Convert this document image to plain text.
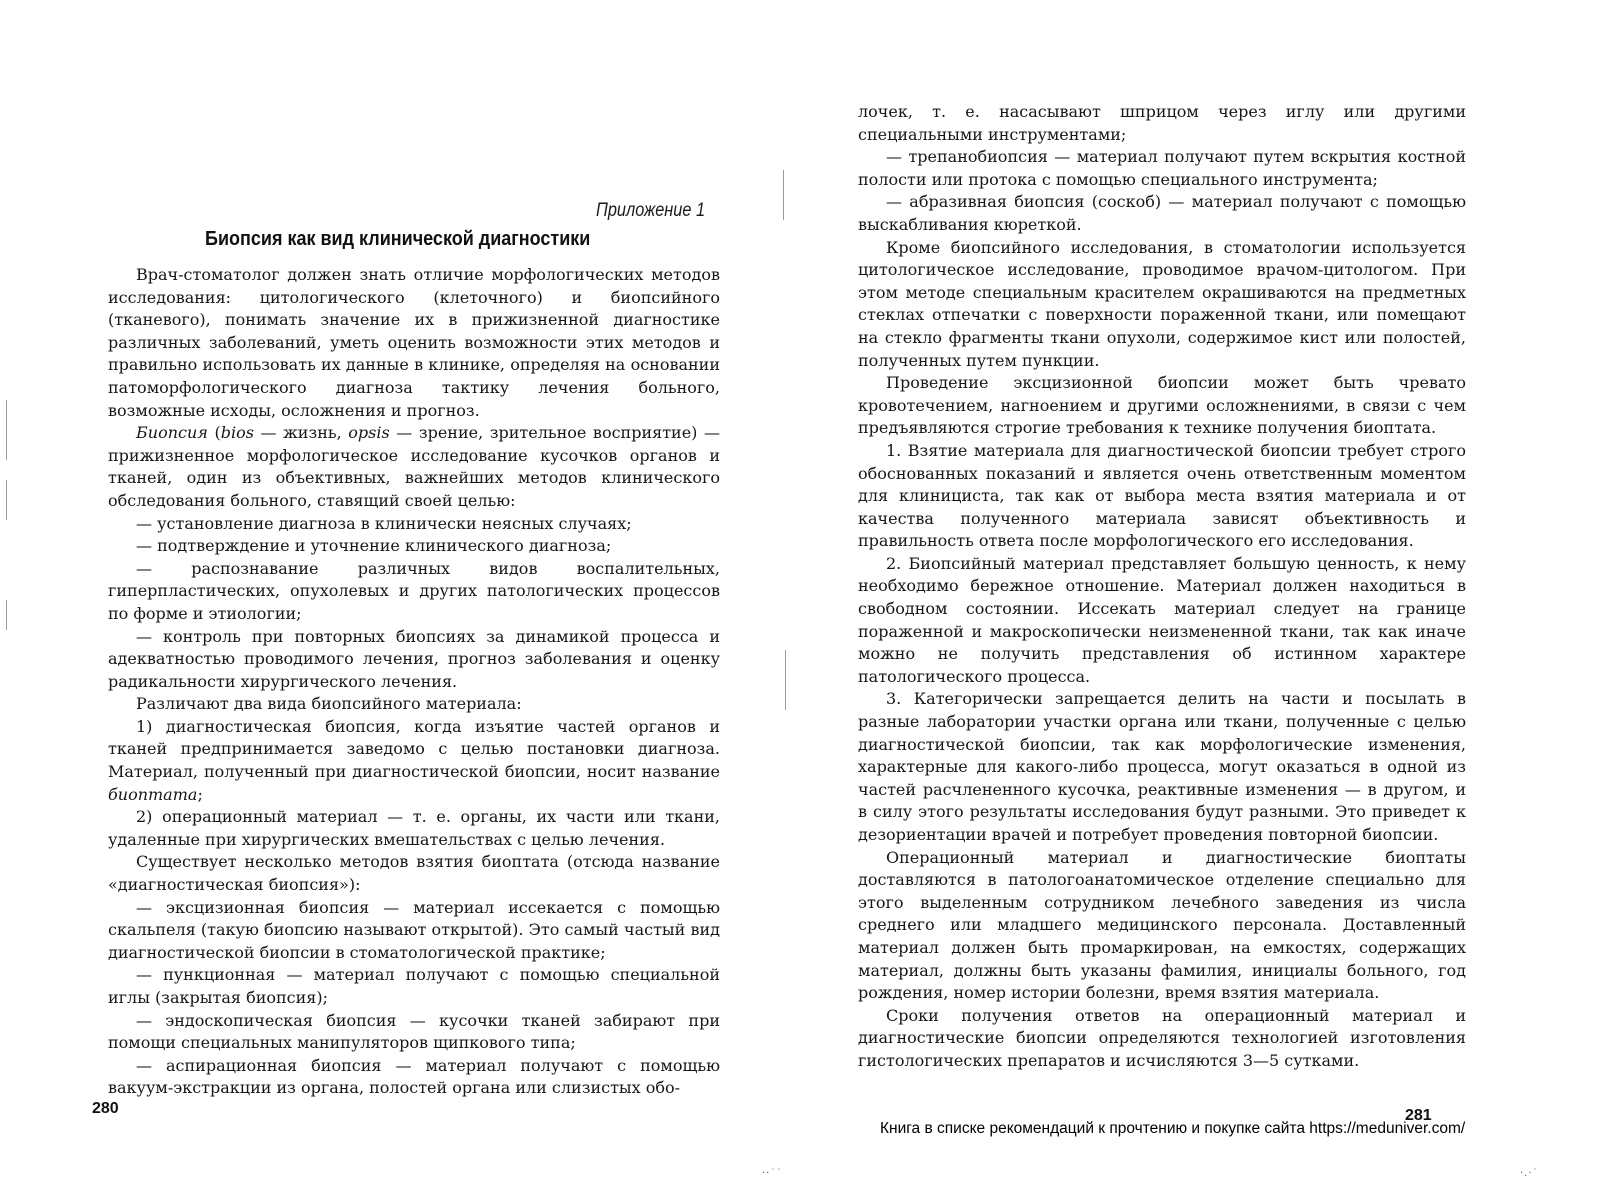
Приложение 1
Биопсия как вид клинической диагностики

Врач-стоматолог должен знать отличие морфологических методов исследования: цитологического (клеточного) и биопсийного (тканевого), понимать значение их в прижизненной диагностике различных заболеваний, уметь оценить возможности этих методов и правильно использовать их данные в клинике, определяя на основании патоморфологического диагноза тактику лечения больного, возможные исходы, осложнения и прогноз.

Биопсия (bios — жизнь, opsis — зрение, зрительное восприятие) — прижизненное морфологическое исследование кусочков органов и тканей, один из объективных, важнейших методов клинического обследования больного, ставящий своей целью:

— установление диагноза в клинически неясных случаях;

— подтверждение и уточнение клинического диагноза;

— распознавание различных видов воспалительных, гиперпластических, опухолевых и других патологических процессов по форме и этиологии;

— контроль при повторных биопсиях за динамикой процесса и адекватностью проводимого лечения, прогноз заболевания и оценку радикальности хирургического лечения.

Различают два вида биопсийного материала:

1) диагностическая биопсия, когда изъятие частей органов и тканей предпринимается заведомо с целью постановки диагноза. Материал, полученный при диагностической биопсии, носит название биоптата;

2) операционный материал — т. е. органы, их части или ткани, удаленные при хирургических вмешательствах с целью лечения.

Существует несколько методов взятия биоптата (отсюда название «диагностическая биопсия»):

— эксцизионная биопсия — материал иссекается с помощью скальпеля (такую биопсию называют открытой). Это самый частый вид диагностической биопсии в стоматологической практике;

— пункционная — материал получают с помощью специальной иглы (закрытая биопсия);

— эндоскопическая биопсия — кусочки тканей забирают при помощи специальных манипуляторов щипкового типа;

— аспирационная биопсия — материал получают с помощью вакуум-экстракции из органа, полостей органа или слизистых обо-

280

лочек, т. е. насасывают шприцом через иглу или другими специальными инструментами;

— трепанобиопсия — материал получают путем вскрытия костной полости или протока с помощью специального инструмента;

— абразивная биопсия (соскоб) — материал получают с помощью выскабливания кюреткой.

Кроме биопсийного исследования, в стоматологии используется цитологическое исследование, проводимое врачом-цитологом. При этом методе специальным красителем окрашиваются на предметных стеклах отпечатки с поверхности пораженной ткани, или помещают на стекло фрагменты ткани опухоли, содержимое кист или полостей, полученных путем пункции.

Проведение эксцизионной биопсии может быть чревато кровотечением, нагноением и другими осложнениями, в связи с чем предъявляются строгие требования к технике получения биоптата.

1. Взятие материала для диагностической биопсии требует строго обоснованных показаний и является очень ответственным моментом для клинициста, так как от выбора места взятия материала и от качества полученного материала зависят объективность и правильность ответа после морфологического его исследования.

2. Биопсийный материал представляет большую ценность, к нему необходимо бережное отношение. Материал должен находиться в свободном состоянии. Иссекать материал следует на границе пораженной и макроскопически неизмененной ткани, так как иначе можно не получить представления об истинном характере патологического процесса.

3. Категорически запрещается делить на части и посылать в разные лаборатории участки органа или ткани, полученные с целью диагностической биопсии, так как морфологические изменения, характерные для какого-либо процесса, могут оказаться в одной из частей расчлененного кусочка, реактивные изменения — в другом, и в силу этого результаты исследования будут разными. Это приведет к дезориентации врачей и потребует проведения повторной биопсии.

Операционный материал и диагностические биоптаты доставляются в патологоанатомическое отделение специально для этого выделенным сотрудником лечебного заведения из числа среднего или младшего медицинского персонала. Доставленный материал должен быть промаркирован, на емкостях, содержащих материал, должны быть указаны фамилия, инициалы больного, год рождения, номер истории болезни, время взятия материала.

Сроки получения ответов на операционный материал и диагностические биопсии определяются технологией изготовления гистологических препаратов и исчисляются 3—5 сутками.

281
Книга в списке рекомендаций к прочтению и покупке сайта https://meduniver.com/
··˙˙	·.·˙
